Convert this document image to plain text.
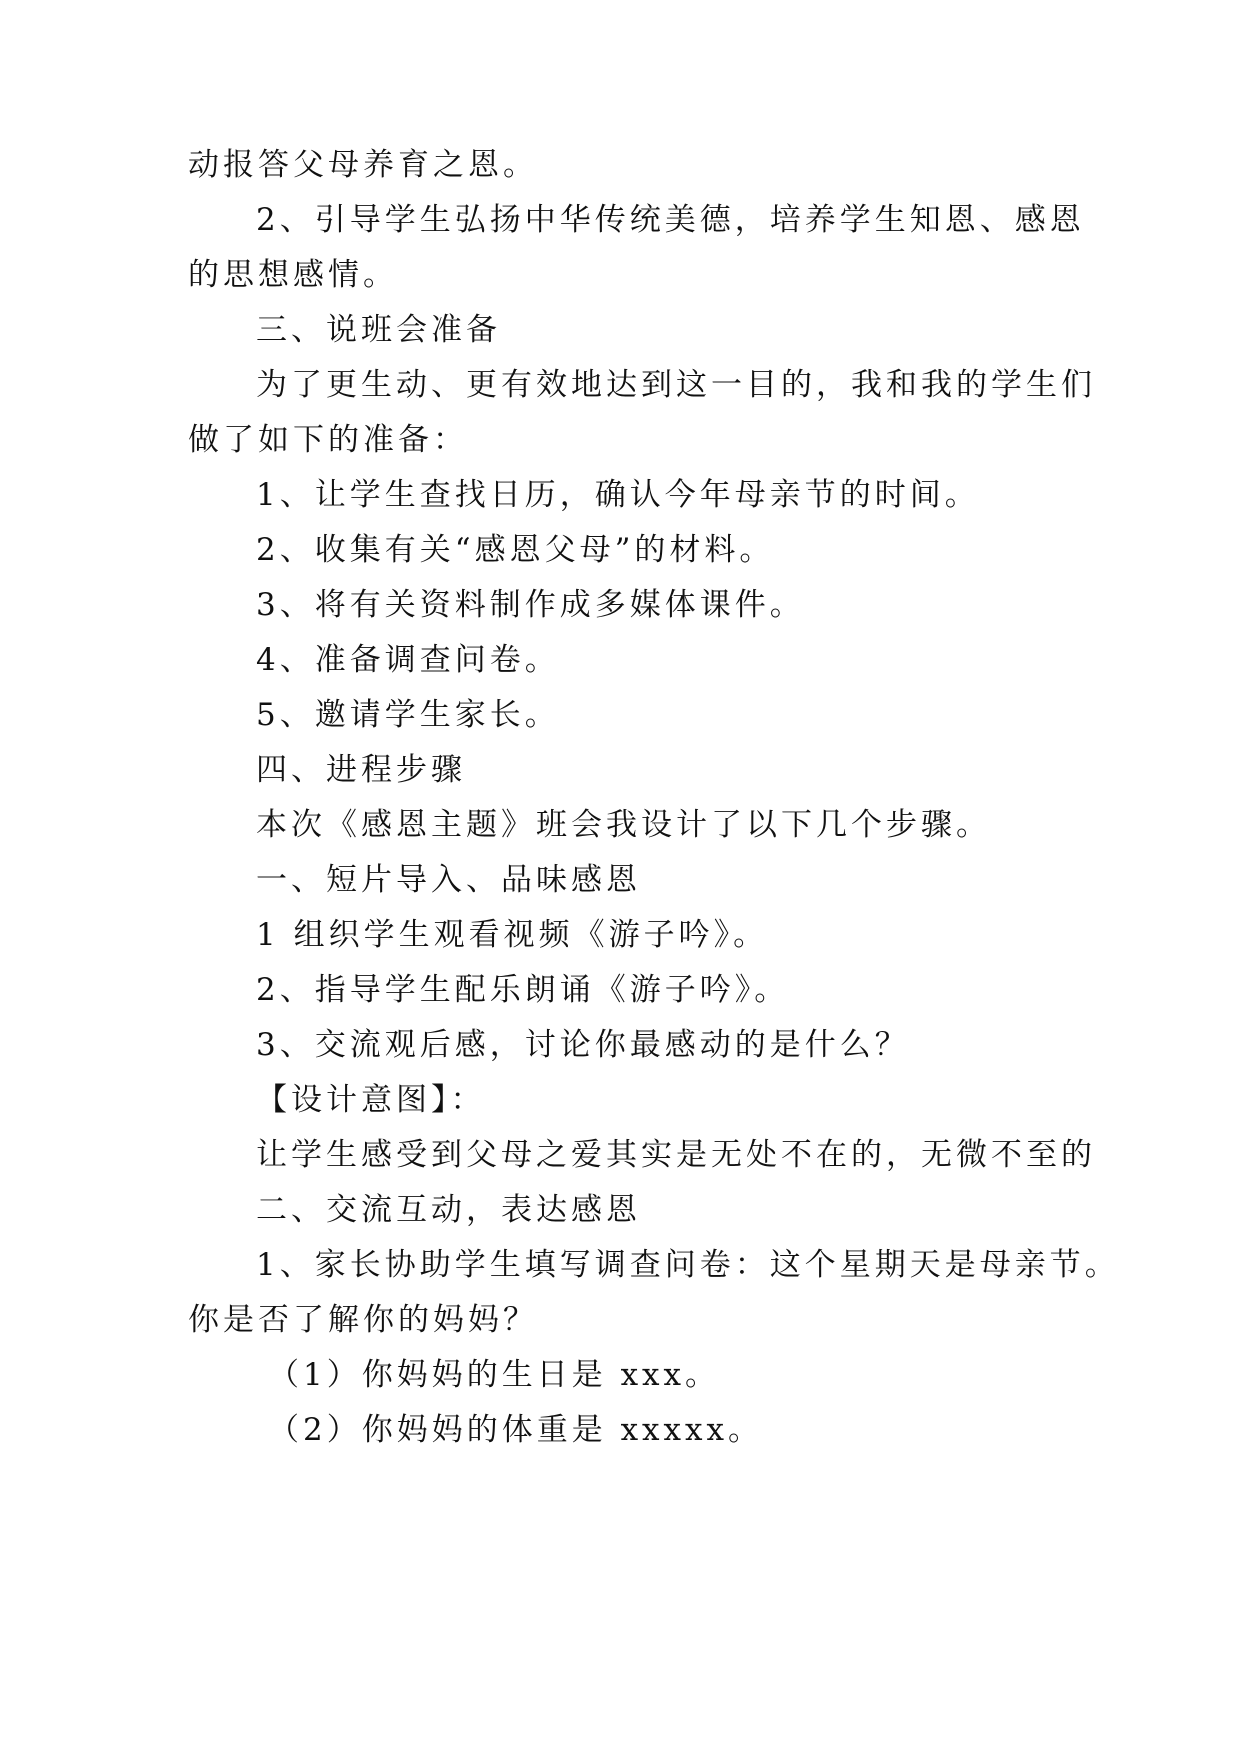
动报答父母养育之恩。
2、引导学生弘扬中华传统美德，培养学生知恩、感恩
的思想感情。
三、说班会准备
为了更生动、更有效地达到这一目的，我和我的学生们
做了如下的准备：
1、让学生查找日历，确认今年母亲节的时间。
2、收集有关“感恩父母”的材料。
3、将有关资料制作成多媒体课件。
4、准备调查问卷。
5、邀请学生家长。
四、进程步骤
本次《感恩主题》班会我设计了以下几个步骤。
一、短片导入、品味感恩
1 组织学生观看视频《游子吟》。
2、指导学生配乐朗诵《游子吟》。
3、交流观后感，讨论你最感动的是什么？
【设计意图】：
让学生感受到父母之爱其实是无处不在的，无微不至的
二、交流互动，表达感恩
1、家长协助学生填写调查问卷：这个星期天是母亲节。
你是否了解你的妈妈？
（1）你妈妈的生日是 xxx。
（2）你妈妈的体重是 xxxxx。
